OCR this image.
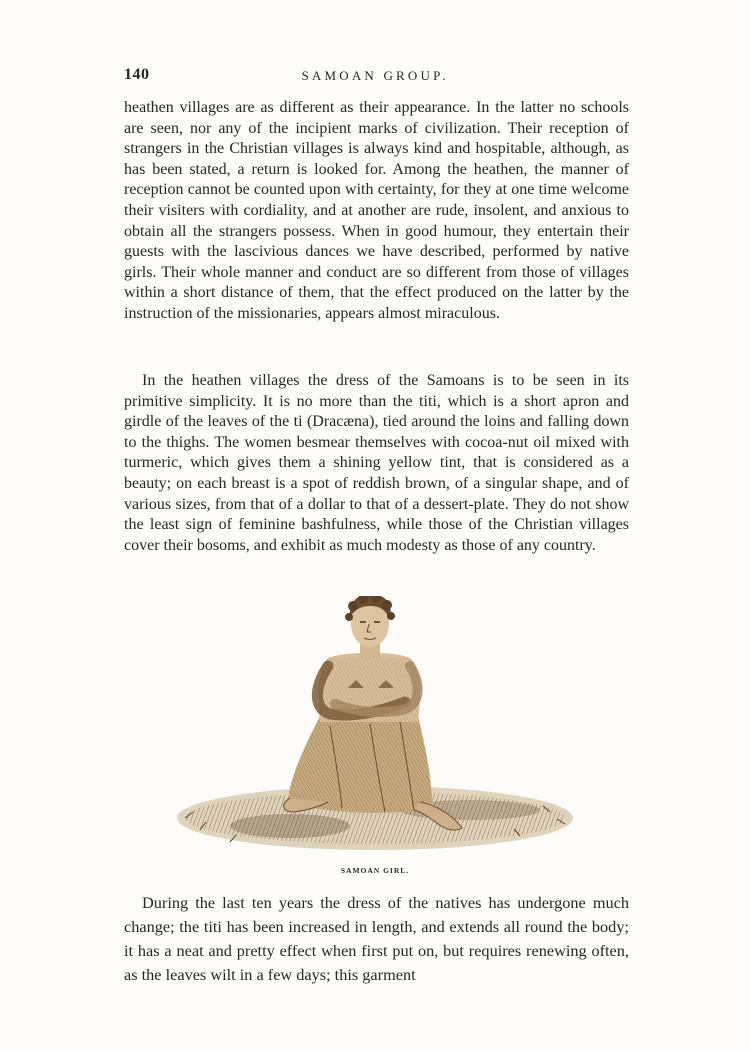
140	SAMOAN GROUP.

heathen villages are as different as their appearance. In the latter no schools are seen, nor any of the incipient marks of civilization. Their reception of strangers in the Christian villages is always kind and hospitable, although, as has been stated, a return is looked for. Among the heathen, the manner of reception cannot be counted upon with certainty, for they at one time welcome their visiters with cordiality, and at another are rude, insolent, and anxious to obtain all the strangers possess. When in good humour, they entertain their guests with the lascivious dances we have described, performed by native girls. Their whole manner and conduct are so different from those of villages within a short distance of them, that the effect produced on the latter by the instruction of the missionaries, appears almost miraculous.

In the heathen villages the dress of the Samoans is to be seen in its primitive simplicity. It is no more than the titi, which is a short apron and girdle of the leaves of the ti (Dracæna), tied around the loins and falling down to the thighs. The women besmear themselves with cocoa-nut oil mixed with turmeric, which gives them a shining yellow tint, that is considered as a beauty; on each breast is a spot of reddish brown, of a singular shape, and of various sizes, from that of a dollar to that of a dessert-plate. They do not show the least sign of feminine bashfulness, while those of the Christian villages cover their bosoms, and exhibit as much modesty as those of any country.

SAMOAN GIRL.

During the last ten years the dress of the natives has undergone much change; the titi has been increased in length, and extends all round the body; it has a neat and pretty effect when first put on, but requires renewing often, as the leaves wilt in a few days; this garment
